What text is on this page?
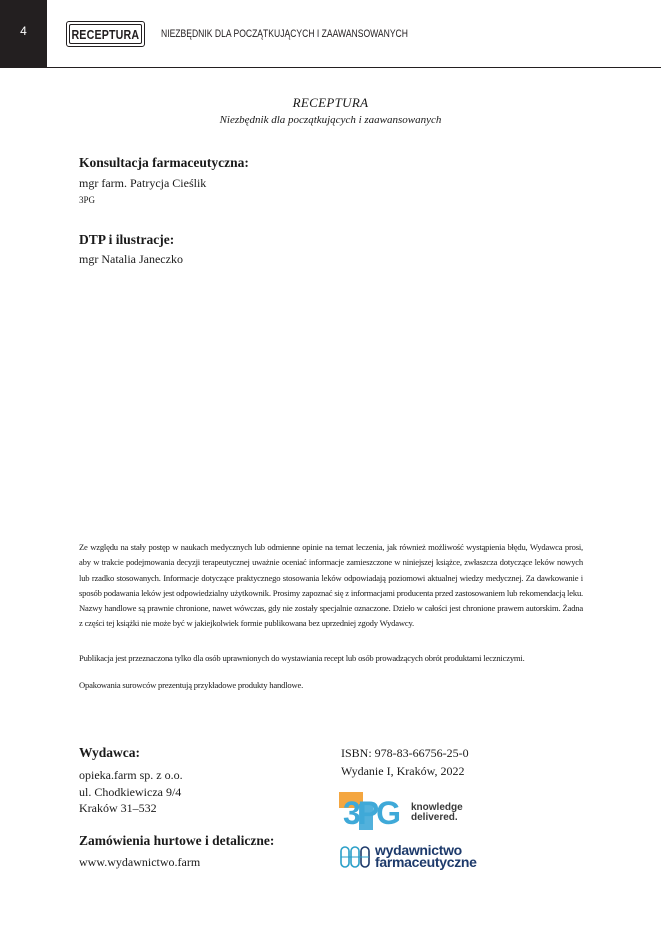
4	RECEPTURA NIEZBĘDNIK DLA POCZĄTKUJĄCYCH I ZAAWANSOWANYCH
RECEPTURA
Niezbędnik dla początkujących i zaawansowanych
Konsultacja farmaceutyczna:
mgr farm. Patrycja Cieślik
3PG
DTP i ilustracje:
mgr Natalia Janeczko
Ze względu na stały postęp w naukach medycznych lub odmienne opinie na temat leczenia, jak również możliwość wystąpienia błędu, Wydawca prosi, aby w trakcie podejmowania decyzji terapeutycznej uważnie oceniać informacje zamieszczone w niniejszej książce, zwłaszcza dotyczące leków nowych lub rzadko stosowanych. Informacje dotyczące praktycznego stosowania leków odpowiadają poziomowi aktualnej wiedzy medycznej. Za dawkowanie i sposób podawania leków jest odpowiedzialny użytkownik. Prosimy zapoznać się z informacjami producenta przed zastosowaniem lub rekomendacją leku. Nazwy handlowe są prawnie chronione, nawet wówczas, gdy nie zostały specjalnie oznaczone. Dzieło w całości jest chronione prawem autorskim. Żadna z części tej książki nie może być w jakiejkolwiek formie publikowana bez uprzedniej zgody Wydawcy.
Publikacja jest przeznaczona tylko dla osób uprawnionych do wystawiania recept lub osób prowadzących obrót produktami leczniczymi.
Opakowania surowców prezentują przykładowe produkty handlowe.
Wydawca:
opieka.farm sp. z o.o.
ul. Chodkiewicza 9/4
Kraków 31–532
Zamówienia hurtowe i detaliczne:
www.wydawnictwo.farm
ISBN: 978-83-66756-25-0
Wydanie I, Kraków, 2022
3PG knowledge
delivered.
wydawnictwo
farmaceutyczne
